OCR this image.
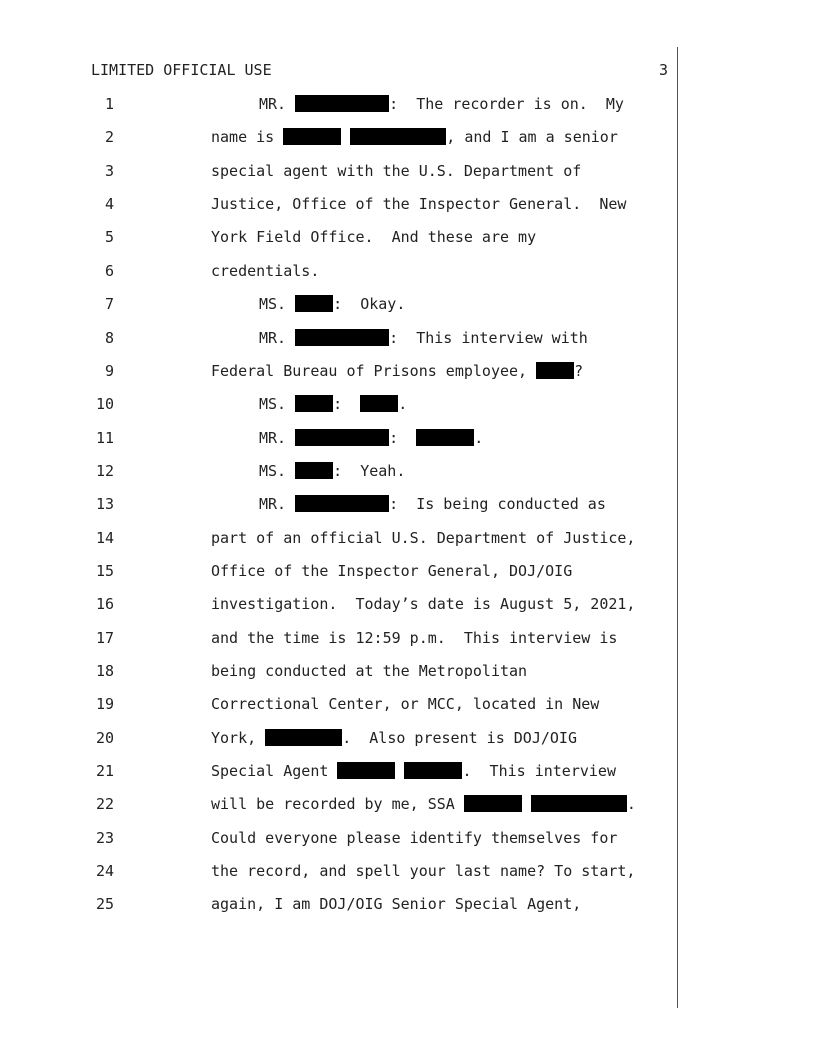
LIMITED OFFICIAL USE	3
1	MR.	:  The recorder is on.  My
2	name is	, and I am a senior
3	special agent with the U.S. Department of
4	Justice, Office of the Inspector General.  New
5	York Field Office.  And these are my
6	credentials.
7	MS.	:  Okay.
8	MR.	:  This interview with
9	Federal Bureau of Prisons employee,	?
10	MS.	:	.
11	MR.	:	.
12	MS.	:  Yeah.
13	MR.	:  Is being conducted as
14	part of an official U.S. Department of Justice,
15	Office of the Inspector General, DOJ/OIG
16	investigation.  Today’s date is August 5, 2021,
17	and the time is 12:59 p.m.  This interview is
18	being conducted at the Metropolitan
19	Correctional Center, or MCC, located in New
20	York,	.  Also present is DOJ/OIG
21	Special Agent	.  This interview
22	will be recorded by me, SSA	.
23	Could everyone please identify themselves for
24	the record, and spell your last name? To start,
25	again, I am DOJ/OIG Senior Special Agent,
